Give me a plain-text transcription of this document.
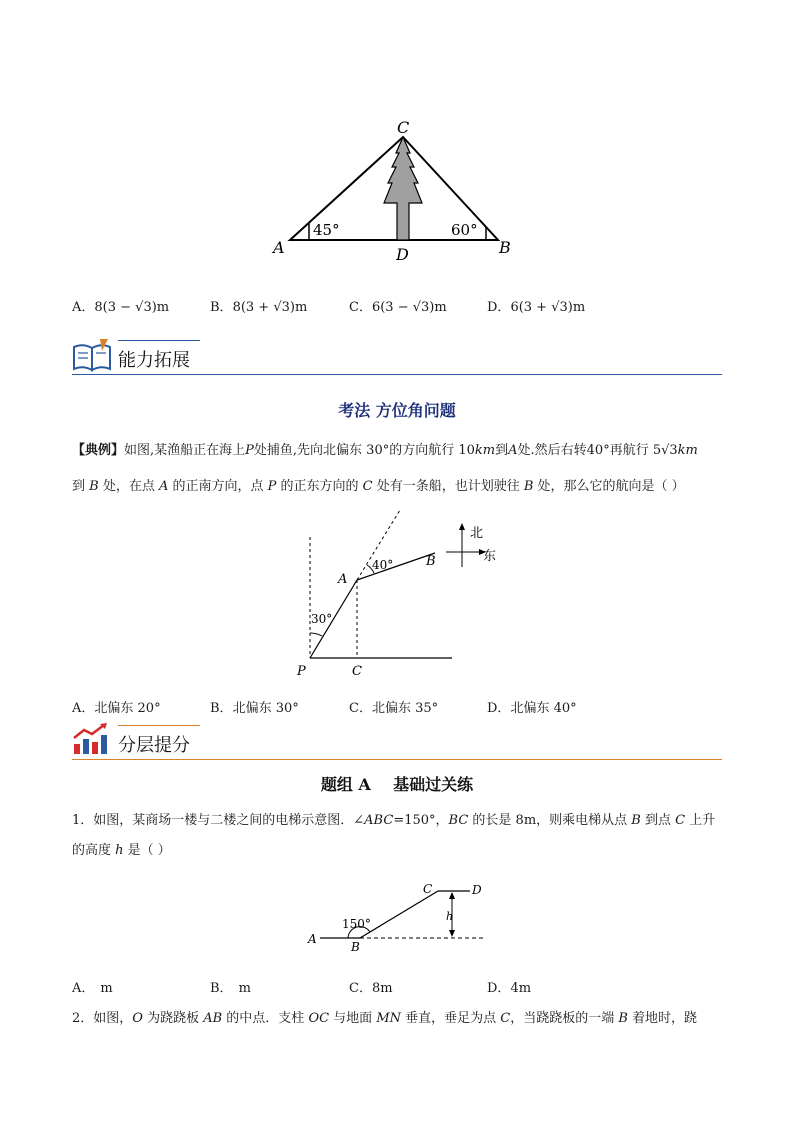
C
A	B
D
45°	60°
A．8(3 − √3)m	B．8(3 + √3)m	C．6(3 − √3)m	D．6(3 + √3)m
能力拓展
考法 方位角问题
【典例】如图,某渔船正在海上P处捕鱼,先向北偏东 30°的方向航行 10km到A处.然后右转40°再航行 5√3km
到 B 处，在点 A 的正南方向，点 P 的正东方向的 C 处有一条船，也计划驶往 B 处，那么它的航向是（ ）
A
B
P	C
30°
40°
北
东
A．北偏东 20°	B．北偏东 30°	C．北偏东 35°	D．北偏东 40°
分层提分
题组 A    基础过关练
1．如图，某商场一楼与二楼之间的电梯示意图．∠ABC=150°，BC 的长是 8m，则乘电梯从点 B 到点 C 上升
的高度 h 是（ ）
A
B
C	D
h
150°
A． m	B． m	C．8m	D．4m
2．如图，O 为跷跷板 AB 的中点．支柱 OC 与地面 MN 垂直，垂足为点 C，当跷跷板的一端 B 着地时，跷
